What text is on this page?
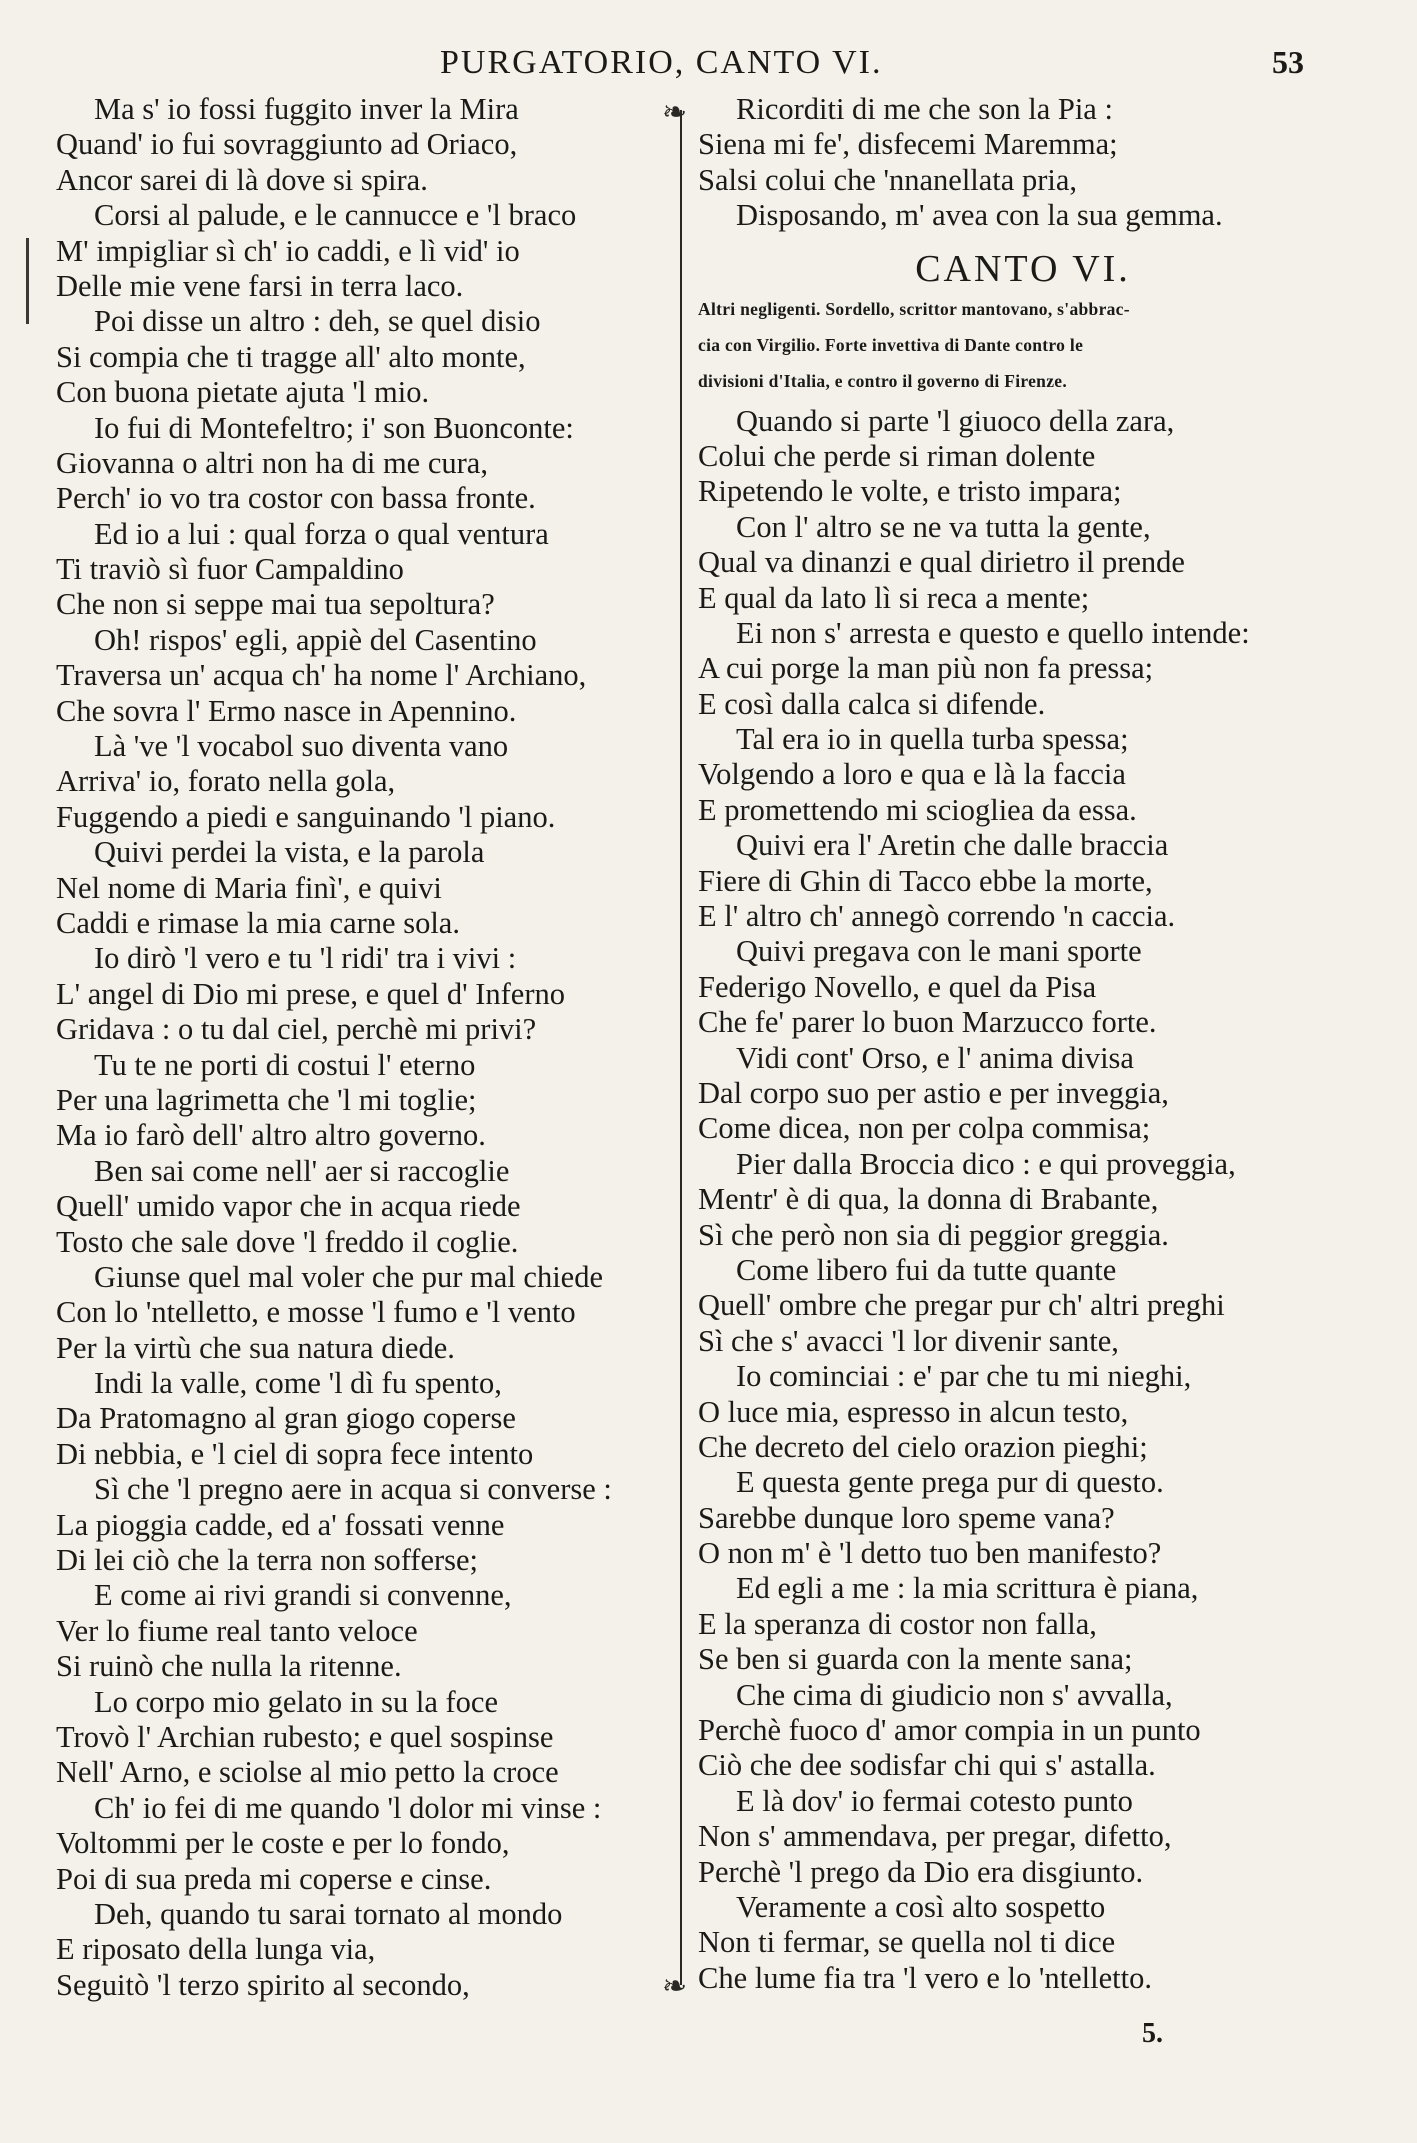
PURGATORIO, CANTO VI.	53
Ma s' io fossi fuggito inver la Mira
Quand' io fui sovraggiunto ad Oriaco,
Ancor sarei di là dove si spira.
Corsi al palude, e le cannucce e 'l braco
M' impigliar sì ch' io caddi, e lì vid' io
Delle mie vene farsi in terra laco.
Poi disse un altro : deh, se quel disio
Si compia che ti tragge all' alto monte,
Con buona pietate ajuta 'l mio.
Io fui di Montefeltro; i' son Buonconte:
Giovanna o altri non ha di me cura,
Perch' io vo tra costor con bassa fronte.
Ed io a lui : qual forza o qual ventura
Ti traviò sì fuor Campaldino
Che non si seppe mai tua sepoltura?
Oh! rispos' egli, appiè del Casentino
Traversa un' acqua ch' ha nome l' Archiano,
Che sovra l' Ermo nasce in Apennino.
Là 've 'l vocabol suo diventa vano
Arriva' io, forato nella gola,
Fuggendo a piedi e sanguinando 'l piano.
Quivi perdei la vista, e la parola
Nel nome di Maria finì', e quivi
Caddi e rimase la mia carne sola.
Io dirò 'l vero e tu 'l ridi' tra i vivi :
L' angel di Dio mi prese, e quel d' Inferno
Gridava : o tu dal ciel, perchè mi privi?
Tu te ne porti di costui l' eterno
Per una lagrimetta che 'l mi toglie;
Ma io farò dell' altro altro governo.
Ben sai come nell' aer si raccoglie
Quell' umido vapor che in acqua riede
Tosto che sale dove 'l freddo il coglie.
Giunse quel mal voler che pur mal chiede
Con lo 'ntelletto, e mosse 'l fumo e 'l vento
Per la virtù che sua natura diede.
Indi la valle, come 'l dì fu spento,
Da Pratomagno al gran giogo coperse
Di nebbia, e 'l ciel di sopra fece intento
Sì che 'l pregno aere in acqua si converse :
La pioggia cadde, ed a' fossati venne
Di lei ciò che la terra non sofferse;
E come ai rivi grandi si convenne,
Ver lo fiume real tanto veloce
Si ruinò che nulla la ritenne.
Lo corpo mio gelato in su la foce
Trovò l' Archian rubesto; e quel sospinse
Nell' Arno, e sciolse al mio petto la croce
Ch' io fei di me quando 'l dolor mi vinse :
Voltommi per le coste e per lo fondo,
Poi di sua preda mi coperse e cinse.
Deh, quando tu sarai tornato al mondo
E riposato della lunga via,
Seguitò 'l terzo spirito al secondo,
❧
❧
Ricorditi di me che son la Pia :
Siena mi fe', disfecemi Maremma;
Salsi colui che 'nnanellata pria,
Disposando, m' avea con la sua gemma.
CANTO VI.
Altri negligenti. Sordello, scrittor mantovano, s'abbrac-
cia con Virgilio. Forte invettiva di Dante contro le
divisioni d'Italia, e contro il governo di Firenze.
Quando si parte 'l giuoco della zara,
Colui che perde si riman dolente
Ripetendo le volte, e tristo impara;
Con l' altro se ne va tutta la gente,
Qual va dinanzi e qual dirietro il prende
E qual da lato lì si reca a mente;
Ei non s' arresta e questo e quello intende:
A cui porge la man più non fa pressa;
E così dalla calca si difende.
Tal era io in quella turba spessa;
Volgendo a loro e qua e là la faccia
E promettendo mi sciogliea da essa.
Quivi era l' Aretin che dalle braccia
Fiere di Ghin di Tacco ebbe la morte,
E l' altro ch' annegò correndo 'n caccia.
Quivi pregava con le mani sporte
Federigo Novello, e quel da Pisa
Che fe' parer lo buon Marzucco forte.
Vidi cont' Orso, e l' anima divisa
Dal corpo suo per astio e per inveggia,
Come dicea, non per colpa commisa;
Pier dalla Broccia dico : e qui proveggia,
Mentr' è di qua, la donna di Brabante,
Sì che però non sia di peggior greggia.
Come libero fui da tutte quante
Quell' ombre che pregar pur ch' altri preghi
Sì che s' avacci 'l lor divenir sante,
Io cominciai : e' par che tu mi nieghi,
O luce mia, espresso in alcun testo,
Che decreto del cielo orazion pieghi;
E questa gente prega pur di questo.
Sarebbe dunque loro speme vana?
O non m' è 'l detto tuo ben manifesto?
Ed egli a me : la mia scrittura è piana,
E la speranza di costor non falla,
Se ben si guarda con la mente sana;
Che cima di giudicio non s' avvalla,
Perchè fuoco d' amor compia in un punto
Ciò che dee sodisfar chi qui s' astalla.
E là dov' io fermai cotesto punto
Non s' ammendava, per pregar, difetto,
Perchè 'l prego da Dio era disgiunto.
Veramente a così alto sospetto
Non ti fermar, se quella nol ti dice
Che lume fia tra 'l vero e lo 'ntelletto.
5.
